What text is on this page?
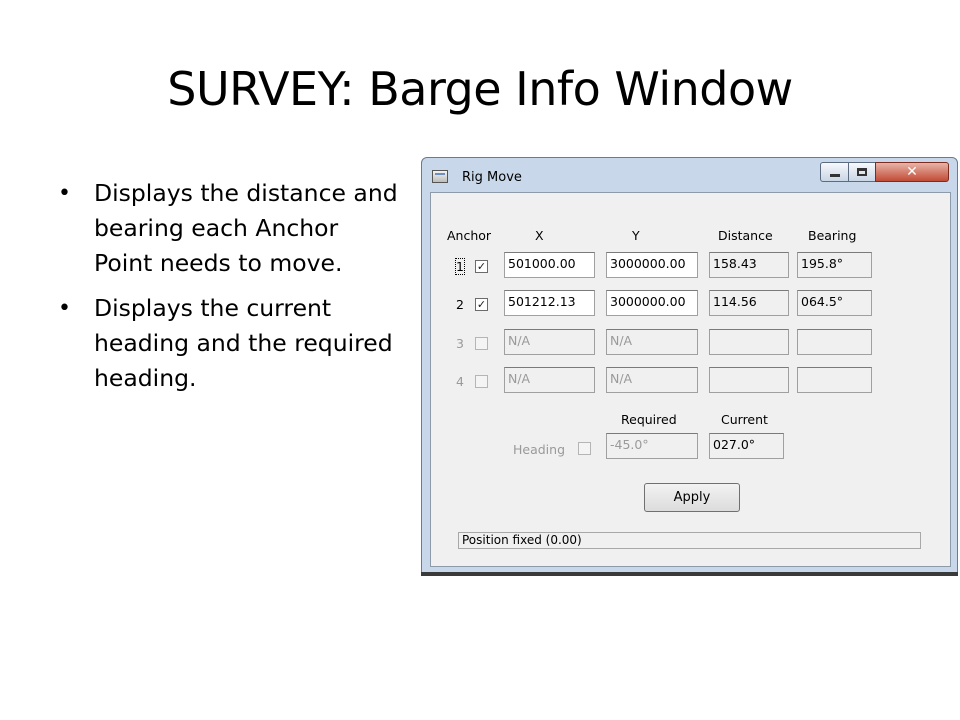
SURVEY: Barge Info Window
• Displays the distance and bearing each Anchor Point needs to move.
• Displays the current heading and the required heading.
Rig Move	✕
Anchor	X	Y	Distance	Bearing
1 ✓	501000.00	3000000.00	158.43	195.8°
2 ✓	501212.13	3000000.00	114.56	064.5°
3	N/A	N/A
4	N/A	N/A
Required	Current
Heading	-45.0°	027.0°
Apply
Position fixed (0.00)
